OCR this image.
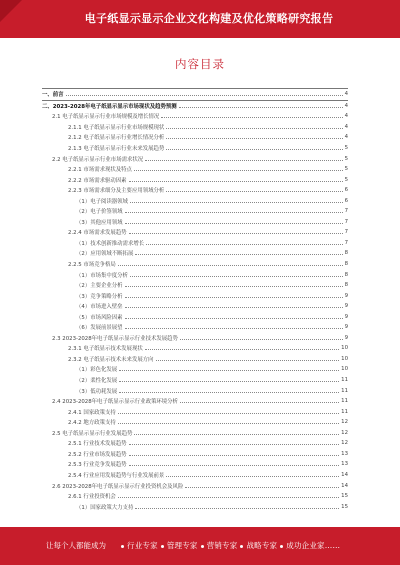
电子纸显示显示企业文化构建及优化策略研究报告
内容目录
一、前言	4
二、2023-2028年电子纸显示显示市场现状及趋势预测	4
2.1 电子纸显示显示行业市场规模及增长情况	4
2.1.1 电子纸显示显示行业市场规模现状	4
2.1.2 电子纸显示显示行业增长情况分析	4
2.1.3 电子纸显示显示行业未来发展趋势	5
2.2 电子纸显示显示行业市场需求状况	5
2.2.1 市场需求现状及特点	5
2.2.2 市场需求驱动因素	5
2.2.3 市场需求细分及主要应用领域分析	6
（1）电子阅读器领域	6
（2）电子价签领域	7
（3）其他应用领域	7
2.2.4 市场需求发展趋势	7
（1）技术创新推动需求增长	7
（2）应用领域不断拓展	8
2.2.5 市场竞争格局	8
（1）市场集中度分析	8
（2）主要企业分析	8
（3）竞争策略分析	9
（4）市场进入壁垒	9
（5）市场风险因素	9
（6）发展前景展望	9
2.3 2023-2028年电子纸显示显示行业技术发展趋势	9
2.3.1 电子纸显示技术发展现状	10
2.3.2 电子纸显示技术未来发展方向	10
（1）彩色化发展	10
（2）柔性化发展	11
（3）低功耗发展	11
2.4 2023-2028年电子纸显示显示行业政策环境分析	11
2.4.1 国家政策支持	11
2.4.2 地方政策支持	12
2.5 电子纸显示显示行业发展趋势	12
2.5.1 行业技术发展趋势	12
2.5.2 行业市场发展趋势	13
2.5.3 行业竞争发展趋势	13
2.5.4 行业应用发展趋势与行业发展前景	14
2.6 2023-2028年电子纸显示显示行业投资机会及风险	14
2.6.1 行业投资机会	15
（1）国家政策大力支持	15
让每个人都能成为	行业专家 管理专家 营销专家 战略专家 成功企业家……
